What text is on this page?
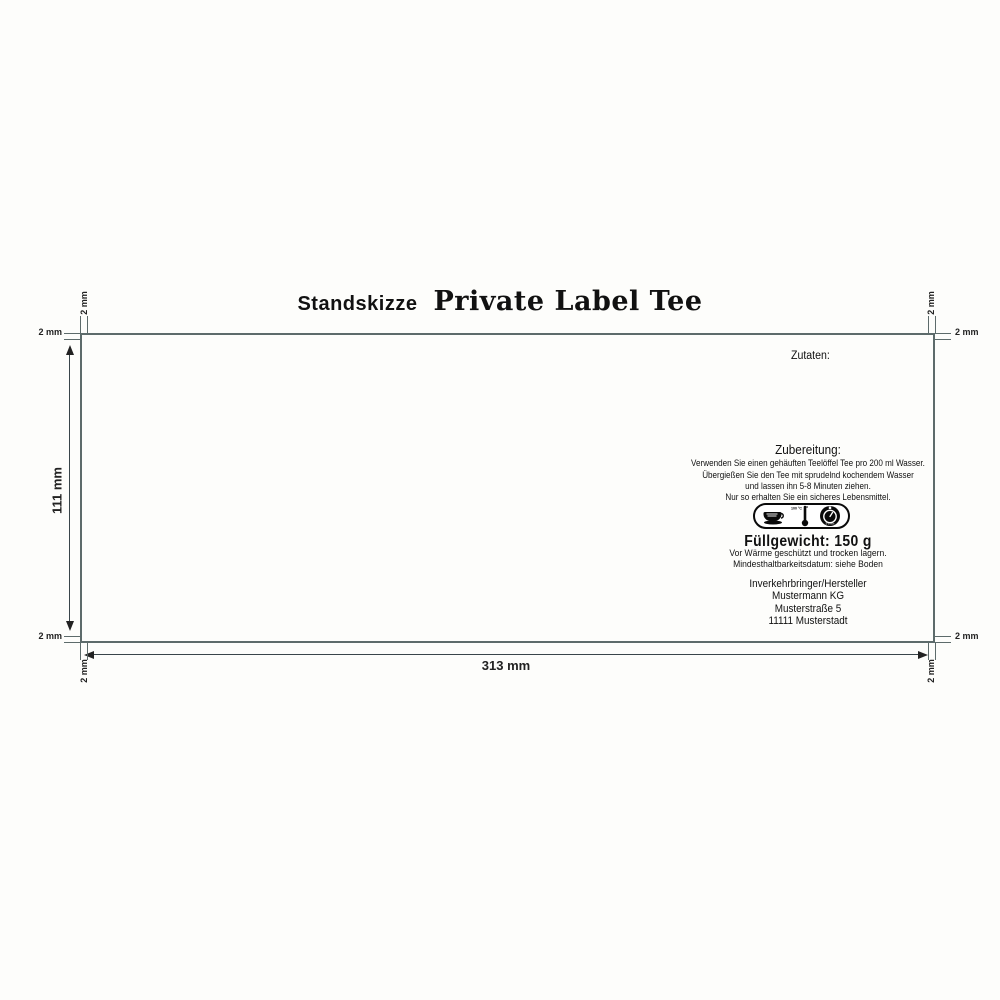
Standskizze Private Label Tee
111 mm
313 mm
2 mm
2 mm
2 mm
2 mm
2 mm
2 mm
2 mm
2 mm
Zutaten:
Zubereitung:
Verwenden Sie einen gehäuften Teelöffel Tee pro 200 ml Wasser.
Übergießen Sie den Tee mit sprudelnd kochendem Wasser
und lassen ihn 5-8 Minuten ziehen.
Nur so erhalten Sie ein sicheres Lebensmittel.
100 °C
5-8 min
Füllgewicht: 150 g
Vor Wärme geschützt und trocken lagern.
Mindesthaltbarkeitsdatum: siehe Boden
Inverkehrbringer/Hersteller
Mustermann KG
Musterstraße 5
11111 Musterstadt
